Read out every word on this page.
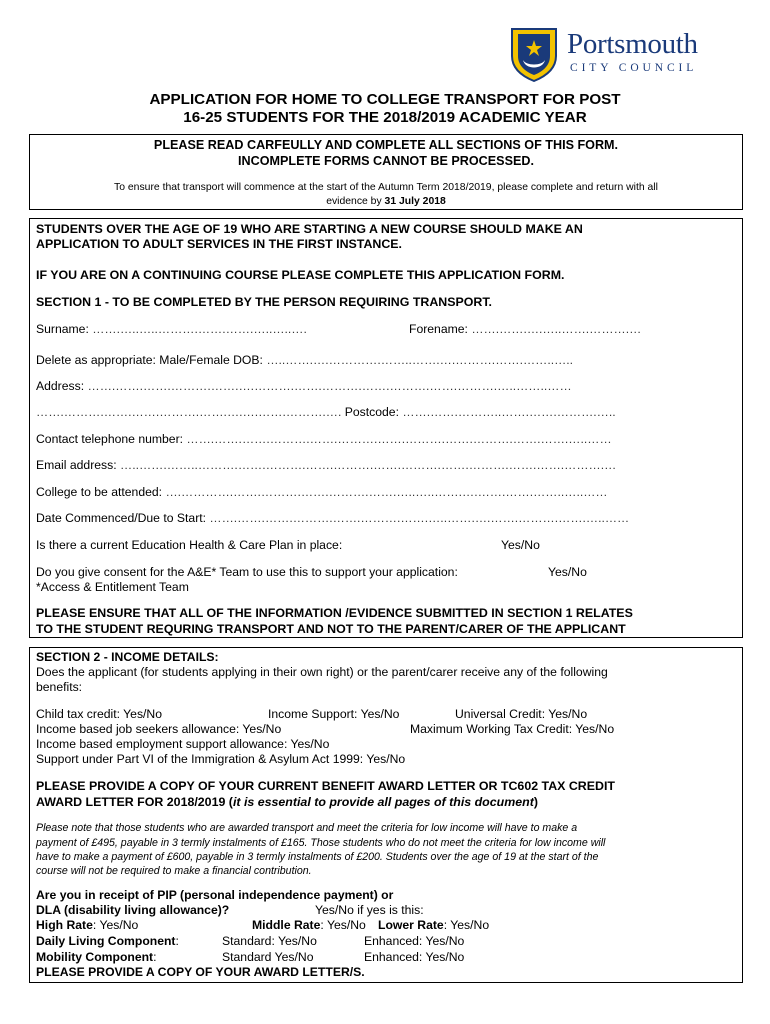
Portsmouth
CITY COUNCIL
APPLICATION FOR HOME TO COLLEGE TRANSPORT FOR POST
16-25 STUDENTS FOR THE 2018/2019 ACADEMIC YEAR
PLEASE READ CARFEULLY AND COMPLETE ALL SECTIONS OF THIS FORM.
INCOMPLETE FORMS CANNOT BE PROCESSED.
To ensure that transport will commence at the start of the Autumn Term 2018/2019, please complete and return with all
evidence by 31 July 2018
STUDENTS OVER THE AGE OF 19 WHO ARE STARTING A NEW COURSE SHOULD MAKE AN
APPLICATION TO ADULT SERVICES IN THE FIRST INSTANCE.
IF YOU ARE ON A CONTINUING COURSE PLEASE COMPLETE THIS APPLICATION FORM.
SECTION 1 - TO BE COMPLETED BY THE PERSON REQUIRING TRANSPORT.
Surname: …….…..…..……….…….…….…..…..….	Forename: …….…….….…..…….……….…
Delete as appropriate: Male/Female DOB: …..…….….………….……..…….….……….…….……..…..
Address: …….…….…….……….…….….……….…….……….…….……….…….……….…..……..……
…….……….…….…….……….…….….….…….……….…. Postcode: …….…….………..…….…….……….…..
Contact telephone number: …….…….…….……….…….……….…….……….…….……….…….…….…..……
Email address: …..…….……..……….…….……….…….……….…….……….…….……….…….…….……….…
College to be attended: ….………….…….……….…….……….…….…..…..…….….…….…….……..…..……
Date Commenced/Due to Start: …….…….…….……….…….……….…….…..…….….…….……….…….…..……
Is there a current Education Health & Care Plan in place:	Yes/No
Do you give consent for the A&E* Team to use this to support your application:	Yes/No
*Access & Entitlement Team
PLEASE ENSURE THAT ALL OF THE INFORMATION /EVIDENCE SUBMITTED IN SECTION 1 RELATES
TO THE STUDENT REQURING TRANSPORT AND NOT TO THE PARENT/CARER OF THE APPLICANT
SECTION 2 - INCOME DETAILS:
Does the applicant (for students applying in their own right) or the parent/carer receive any of the following
benefits:
Child tax credit: Yes/No	Income Support: Yes/No	Universal Credit: Yes/No
Income based job seekers allowance: Yes/No	Maximum Working Tax Credit: Yes/No
Income based employment support allowance: Yes/No
Support under Part VI of the Immigration & Asylum Act 1999: Yes/No
PLEASE PROVIDE A COPY OF YOUR CURRENT BENEFIT AWARD LETTER OR TC602 TAX CREDIT
AWARD LETTER FOR 2018/2019 (it is essential to provide all pages of this document)
Please note that those students who are awarded transport and meet the criteria for low income will have to make a
payment of £495, payable in 3 termly instalments of £165. Those students who do not meet the criteria for low income will
have to make a payment of £600, payable in 3 termly instalments of £200. Students over the age of 19 at the start of the
course will not be required to make a financial contribution.
Are you in receipt of PIP (personal independence payment) or
DLA (disability living allowance)?	Yes/No if yes is this:
High Rate: Yes/No	Middle Rate: Yes/No Lower Rate: Yes/No
Daily Living Component:	Standard: Yes/No	Enhanced: Yes/No
Mobility Component:	Standard Yes/No	Enhanced: Yes/No
PLEASE PROVIDE A COPY OF YOUR AWARD LETTER/S.
